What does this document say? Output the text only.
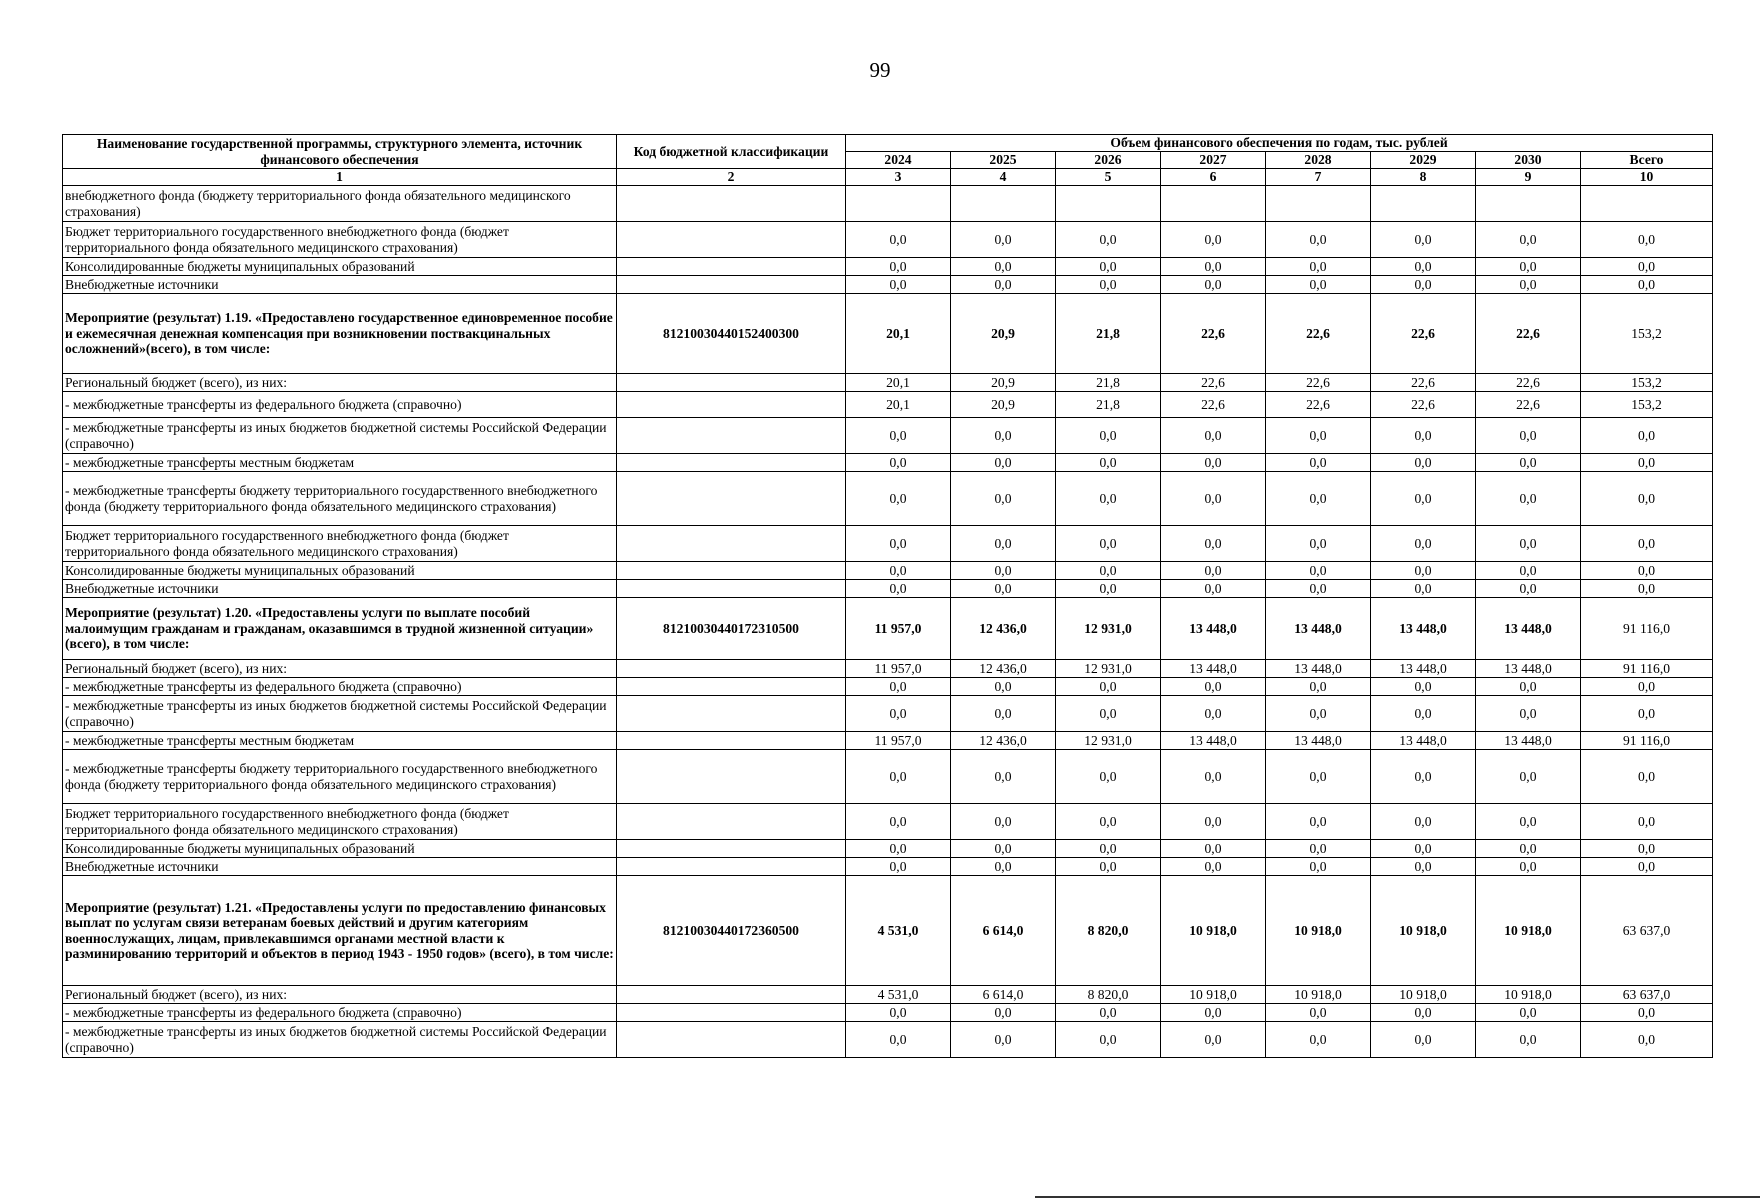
99
Наименование государственной программы, структурного элемента, источник финансового обеспечения	Код бюджетной классификации	Объем финансового обеспечения по годам, тыс. рублей							
		2024	2025	2026	2027	2028	2029	2030	Всего
1	2	3	4	5	6	7	8	9	10
внебюджетного фонда (бюджету территориального фонда обязательного медицинского страхования)									
Бюджет территориального государственного внебюджетного фонда (бюджет территориального фонда обязательного медицинского страхования)		0,0	0,0	0,0	0,0	0,0	0,0	0,0	0,0
Консолидированные бюджеты муниципальных образований		0,0	0,0	0,0	0,0	0,0	0,0	0,0	0,0
Внебюджетные источники		0,0	0,0	0,0	0,0	0,0	0,0	0,0	0,0
Мероприятие (результат) 1.19. «Предоставлено государственное единовременное пособие и ежемесячная денежная компенсация при возникновении поствакцинальных осложнений»(всего), в том числе:	81210030440152400300	20,1	20,9	21,8	22,6	22,6	22,6	22,6	153,2
Региональный бюджет (всего), из них:		20,1	20,9	21,8	22,6	22,6	22,6	22,6	153,2
- межбюджетные трансферты из федерального бюджета (справочно)		20,1	20,9	21,8	22,6	22,6	22,6	22,6	153,2
- межбюджетные трансферты из иных бюджетов бюджетной системы Российской Федерации (справочно)		0,0	0,0	0,0	0,0	0,0	0,0	0,0	0,0
- межбюджетные трансферты местным бюджетам		0,0	0,0	0,0	0,0	0,0	0,0	0,0	0,0
- межбюджетные трансферты бюджету территориального государственного внебюджетного фонда (бюджету территориального фонда обязательного медицинского страхования)		0,0	0,0	0,0	0,0	0,0	0,0	0,0	0,0
Бюджет территориального государственного внебюджетного фонда (бюджет территориального фонда обязательного медицинского страхования)		0,0	0,0	0,0	0,0	0,0	0,0	0,0	0,0
Консолидированные бюджеты муниципальных образований		0,0	0,0	0,0	0,0	0,0	0,0	0,0	0,0
Внебюджетные источники		0,0	0,0	0,0	0,0	0,0	0,0	0,0	0,0
Мероприятие (результат) 1.20. «Предоставлены услуги по выплате пособий малоимущим гражданам и гражданам, оказавшимся в трудной жизненной ситуации» (всего), в том числе:	81210030440172310500	11 957,0	12 436,0	12 931,0	13 448,0	13 448,0	13 448,0	13 448,0	91 116,0
Региональный бюджет (всего), из них:		11 957,0	12 436,0	12 931,0	13 448,0	13 448,0	13 448,0	13 448,0	91 116,0
- межбюджетные трансферты из федерального бюджета (справочно)		0,0	0,0	0,0	0,0	0,0	0,0	0,0	0,0
- межбюджетные трансферты из иных бюджетов бюджетной системы Российской Федерации (справочно)		0,0	0,0	0,0	0,0	0,0	0,0	0,0	0,0
- межбюджетные трансферты местным бюджетам		11 957,0	12 436,0	12 931,0	13 448,0	13 448,0	13 448,0	13 448,0	91 116,0
- межбюджетные трансферты бюджету территориального государственного внебюджетного фонда (бюджету территориального фонда обязательного медицинского страхования)		0,0	0,0	0,0	0,0	0,0	0,0	0,0	0,0
Бюджет территориального государственного внебюджетного фонда (бюджет территориального фонда обязательного медицинского страхования)		0,0	0,0	0,0	0,0	0,0	0,0	0,0	0,0
Консолидированные бюджеты муниципальных образований		0,0	0,0	0,0	0,0	0,0	0,0	0,0	0,0
Внебюджетные источники		0,0	0,0	0,0	0,0	0,0	0,0	0,0	0,0
Мероприятие (результат) 1.21. «Предоставлены услуги по предоставлению финансовых выплат по услугам связи ветеранам боевых действий и другим категориям военнослужащих, лицам, привлекавшимся органами местной власти к разминированию территорий и объектов в период 1943 - 1950 годов» (всего), в том числе:	81210030440172360500	4 531,0	6 614,0	8 820,0	10 918,0	10 918,0	10 918,0	10 918,0	63 637,0
Региональный бюджет (всего), из них:		4 531,0	6 614,0	8 820,0	10 918,0	10 918,0	10 918,0	10 918,0	63 637,0
- межбюджетные трансферты из федерального бюджета (справочно)		0,0	0,0	0,0	0,0	0,0	0,0	0,0	0,0
- межбюджетные трансферты из иных бюджетов бюджетной системы Российской Федерации (справочно)		0,0	0,0	0,0	0,0	0,0	0,0	0,0	0,0
